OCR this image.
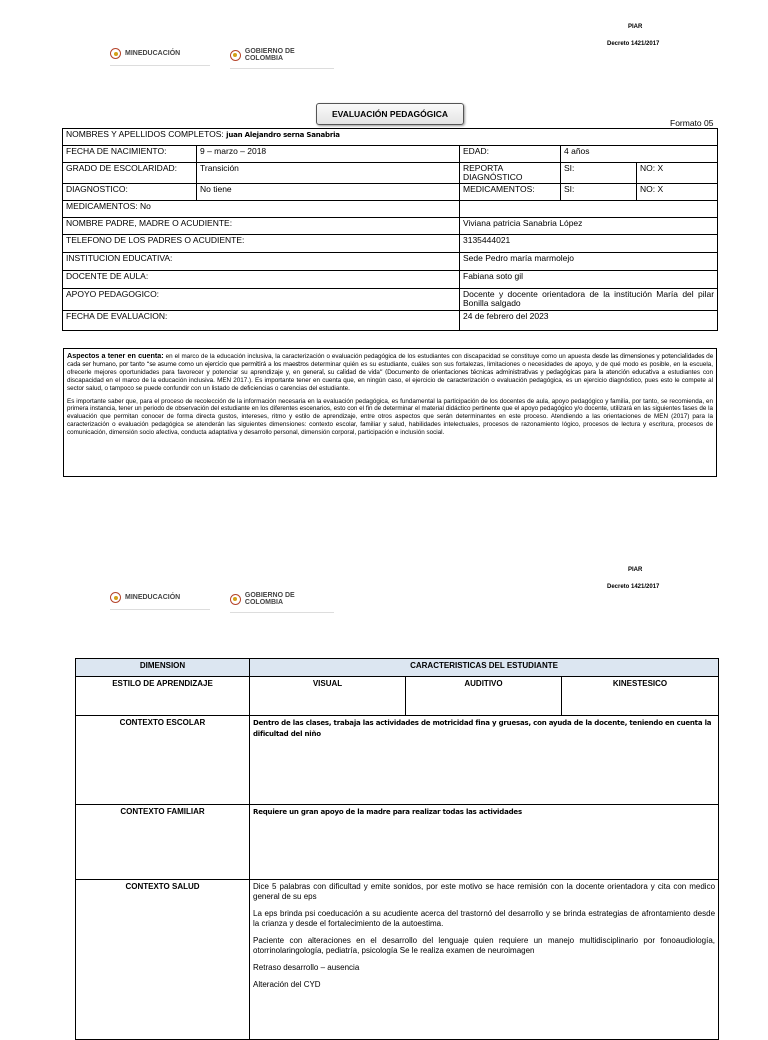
PIAR
Decreto 1421/2017
MINEDUCACIÓN	GOBIERNO DE COLOMBIA
EVALUACIÓN PEDAGÓGICA
Formato 05
NOMBRES Y APELLIDOS COMPLETOS: juan Alejandro serna Sanabria				
FECHA DE NACIMIENTO:	9 – marzo – 2018	EDAD:	4 años	
GRADO DE ESCOLARIDAD:	Transición	REPORTA DIAGNÓSTICO	SI:	NO: X
DIAGNOSTICO:	No tiene	MEDICAMENTOS:	SI:	NO: X
MEDICAMENTOS: No				
NOMBRE PADRE, MADRE O ACUDIENTE:		Viviana patricia Sanabria López		
TELEFONO DE LOS PADRES O ACUDIENTE:		3135444021		
INSTITUCION EDUCATIVA:		Sede Pedro maría marmolejo		
DOCENTE DE AULA:		Fabiana soto gil		
APOYO PEDAGOGICO:		Docente y docente orientadora de la institución María del pilar Bonilla salgado		
FECHA DE EVALUACION:		24 de febrero del 2023		

Aspectos a tener en cuenta: en el marco de la educación inclusiva, la caracterización o evaluación pedagógica de los estudiantes con discapacidad se constituye como un apuesta desde las dimensiones y potencialidades de cada ser humano, por tanto “se asume como un ejercicio que permitirá a los maestros determinar quién es su estudiante, cuáles son sus fortalezas, limitaciones o necesidades de apoyo, y de qué modo es posible, en la escuela, ofrecerle mejores oportunidades para favorecer y potenciar su aprendizaje y, en general, su calidad de vida” (Documento de orientaciones técnicas administrativas y pedagógicas para la atención educativa a estudiantes con discapacidad en el marco de la educación inclusiva. MEN 2017.). Es importante tener en cuenta que, en ningún caso, el ejercicio de caracterización o evaluación pedagógica, es un ejercicio diagnóstico, pues esto le compete al sector salud, o tampoco se puede confundir con un listado de deficiencias o carencias del estudiante.

Es importante saber que, para el proceso de recolección de la información necesaria en la evaluación pedagógica, es fundamental la participación de los docentes de aula, apoyo pedagógico y familia, por tanto, se recomienda, en primera instancia, tener un periodo de observación del estudiante en los diferentes escenarios, esto con el fin de determinar el material didáctico pertinente que el apoyo pedagógico y/o docente, utilizará en las siguientes fases de la evaluación que permitan conocer de forma directa gustos, intereses, ritmo y estilo de aprendizaje, entre otros aspectos que serán determinantes en este proceso. Atendiendo a las orientaciones de MEN (2017) para la caracterización o evaluación pedagógica se atenderán las siguientes dimensiones: contexto escolar, familiar y salud, habilidades intelectuales, procesos de razonamiento lógico, procesos de lectura y escritura, procesos de comunicación, dimensión socio afectiva, conducta adaptativa y desarrollo personal, dimensión corporal, participación e inclusión social.

PIAR
Decreto 1421/2017
MINEDUCACIÓN	GOBIERNO DE COLOMBIA
DIMENSION	CARACTERISTICAS DEL ESTUDIANTE		
ESTILO DE APRENDIZAJE	VISUAL	AUDITIVO	KINESTESICO
CONTEXTO ESCOLAR	Dentro de las clases, trabaja las actividades de motricidad fina y gruesas, con ayuda de la docente, teniendo en cuenta la dificultad del niño		
CONTEXTO FAMILIAR	Requiere un gran apoyo de la madre para realizar todas las actividades		
CONTEXTO SALUD	Dice 5 palabras con dificultad y emite sonidos, por este motivo se hace remisión con la docente orientadora y cita con medico general de su eps

La eps brinda psi coeducación a su acudiente acerca del trastornó del desarrollo y se brinda estrategias de afrontamiento desde la crianza y desde el fortalecimiento de la autoestima.

Paciente con alteraciones en el desarrollo del lenguaje quien requiere un manejo multidisciplinario por fonoaudiología, otorrinolaringología, pediatría, psicología Se le realiza examen de neuroimagen

Retraso desarrollo – ausencia

Alteración del CYD		
